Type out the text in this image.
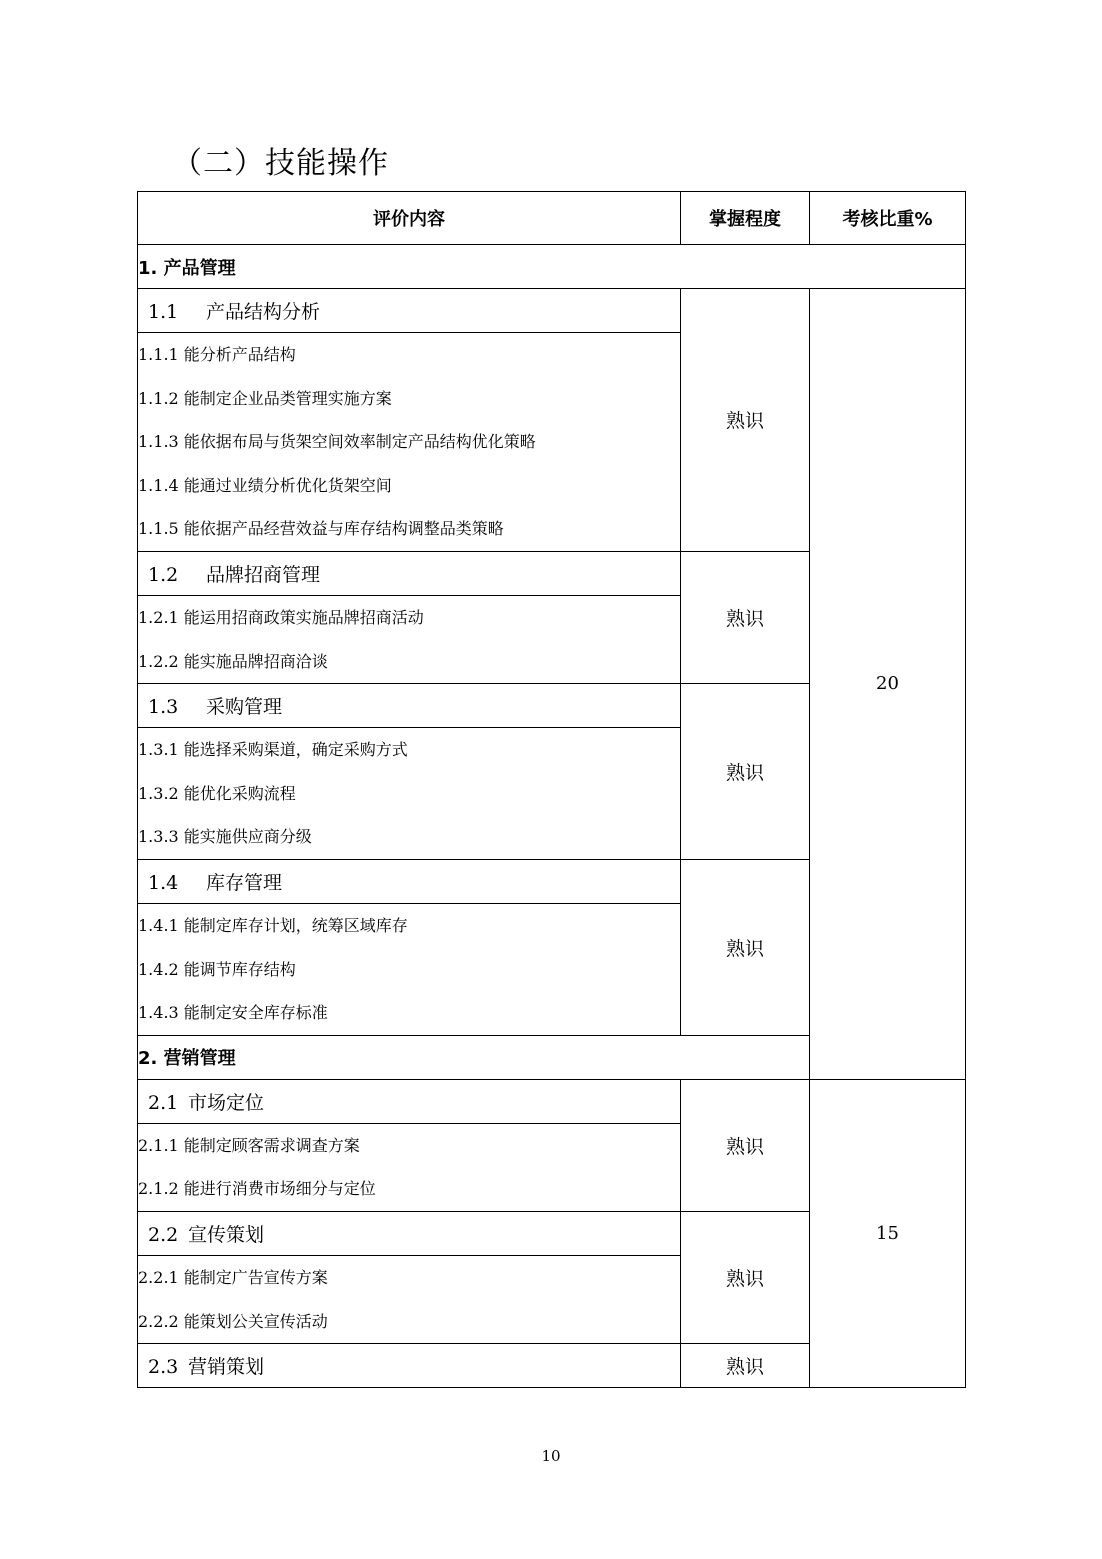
（二）技能操作
评价内容	掌握程度	考核比重%
1. 产品管理		
1.1 产品结构分析	熟识	20

1.1.1 能分析产品结构
1.1.2 能制定企业品类管理实施方案
1.1.3 能依据布局与货架空间效率制定产品结构优化策略
1.1.4 能通过业绩分析优化货架空间
1.1.5 能依据产品经营效益与库存结构调整品类策略		

1.2 品牌招商管理	熟识	

1.2.1 能运用招商政策实施品牌招商活动
1.2.2 能实施品牌招商洽谈		

1.3 采购管理	熟识	

1.3.1 能选择采购渠道，确定采购方式
1.3.2 能优化采购流程
1.3.3 能实施供应商分级		

1.4 库存管理	熟识	

1.4.1 能制定库存计划，统筹区域库存
1.4.2 能调节库存结构
1.4.3 能制定安全库存标准		

2. 营销管理		
2.1 市场定位	熟识	15

2.1.1 能制定顾客需求调查方案
2.1.2 能进行消费市场细分与定位		

2.2 宣传策划	熟识	

2.2.1 能制定广告宣传方案
2.2.2 能策划公关宣传活动		

2.3 营销策划	熟识	
10
